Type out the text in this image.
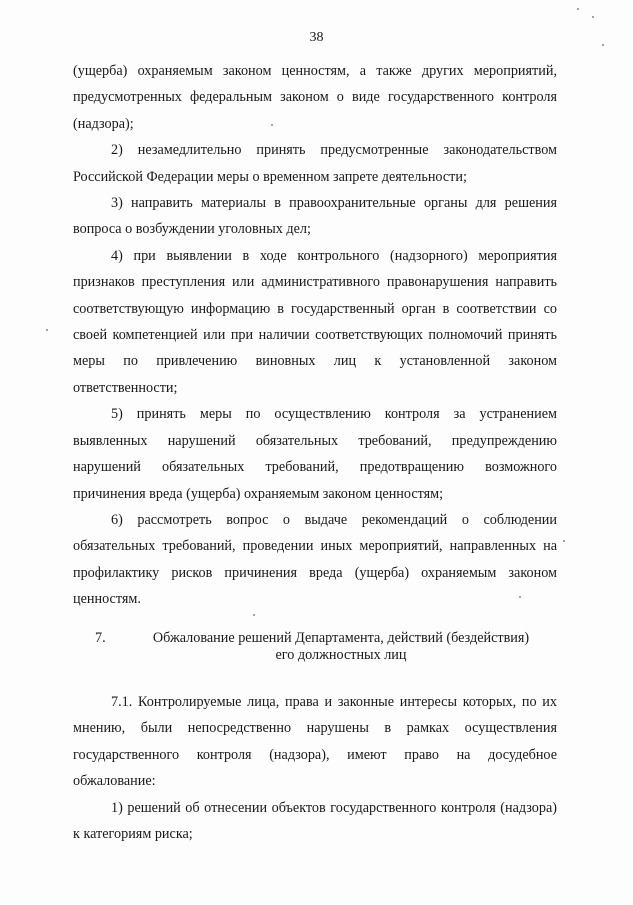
38

(ущерба) охраняемым законом ценностям, а также других мероприятий, предусмотренных федеральным законом о виде государственного контроля (надзора);

2) незамедлительно принять предусмотренные законодательством Российской Федерации меры о временном запрете деятельности;

3) направить материалы в правоохранительные органы для решения вопроса о возбуждении уголовных дел;

4) при выявлении в ходе контрольного (надзорного) мероприятия признаков преступления или административного правонарушения направить соответствующую информацию в государственный орган в соответствии со своей компетенцией или при наличии соответствующих полномочий принять меры по привлечению виновных лиц к установленной законом ответственности;

5) принять меры по осуществлению контроля за устранением выявленных нарушений обязательных требований, предупреждению нарушений обязательных требований, предотвращению возможного причинения вреда (ущерба) охраняемым законом ценностям;

6) рассмотреть вопрос о выдаче рекомендаций о соблюдении обязательных требований, проведении иных мероприятий, направленных на профилактику рисков причинения вреда (ущерба) охраняемым законом ценностям.

7.	Обжалование решений Департамента, действий (бездействия)
его должностных лиц

7.1. Контролируемые лица, права и законные интересы которых, по их мнению, были непосредственно нарушены в рамках осуществления государственного контроля (надзора), имеют право на досудебное обжалование:

1) решений об отнесении объектов государственного контроля (надзора) к категориям риска;
